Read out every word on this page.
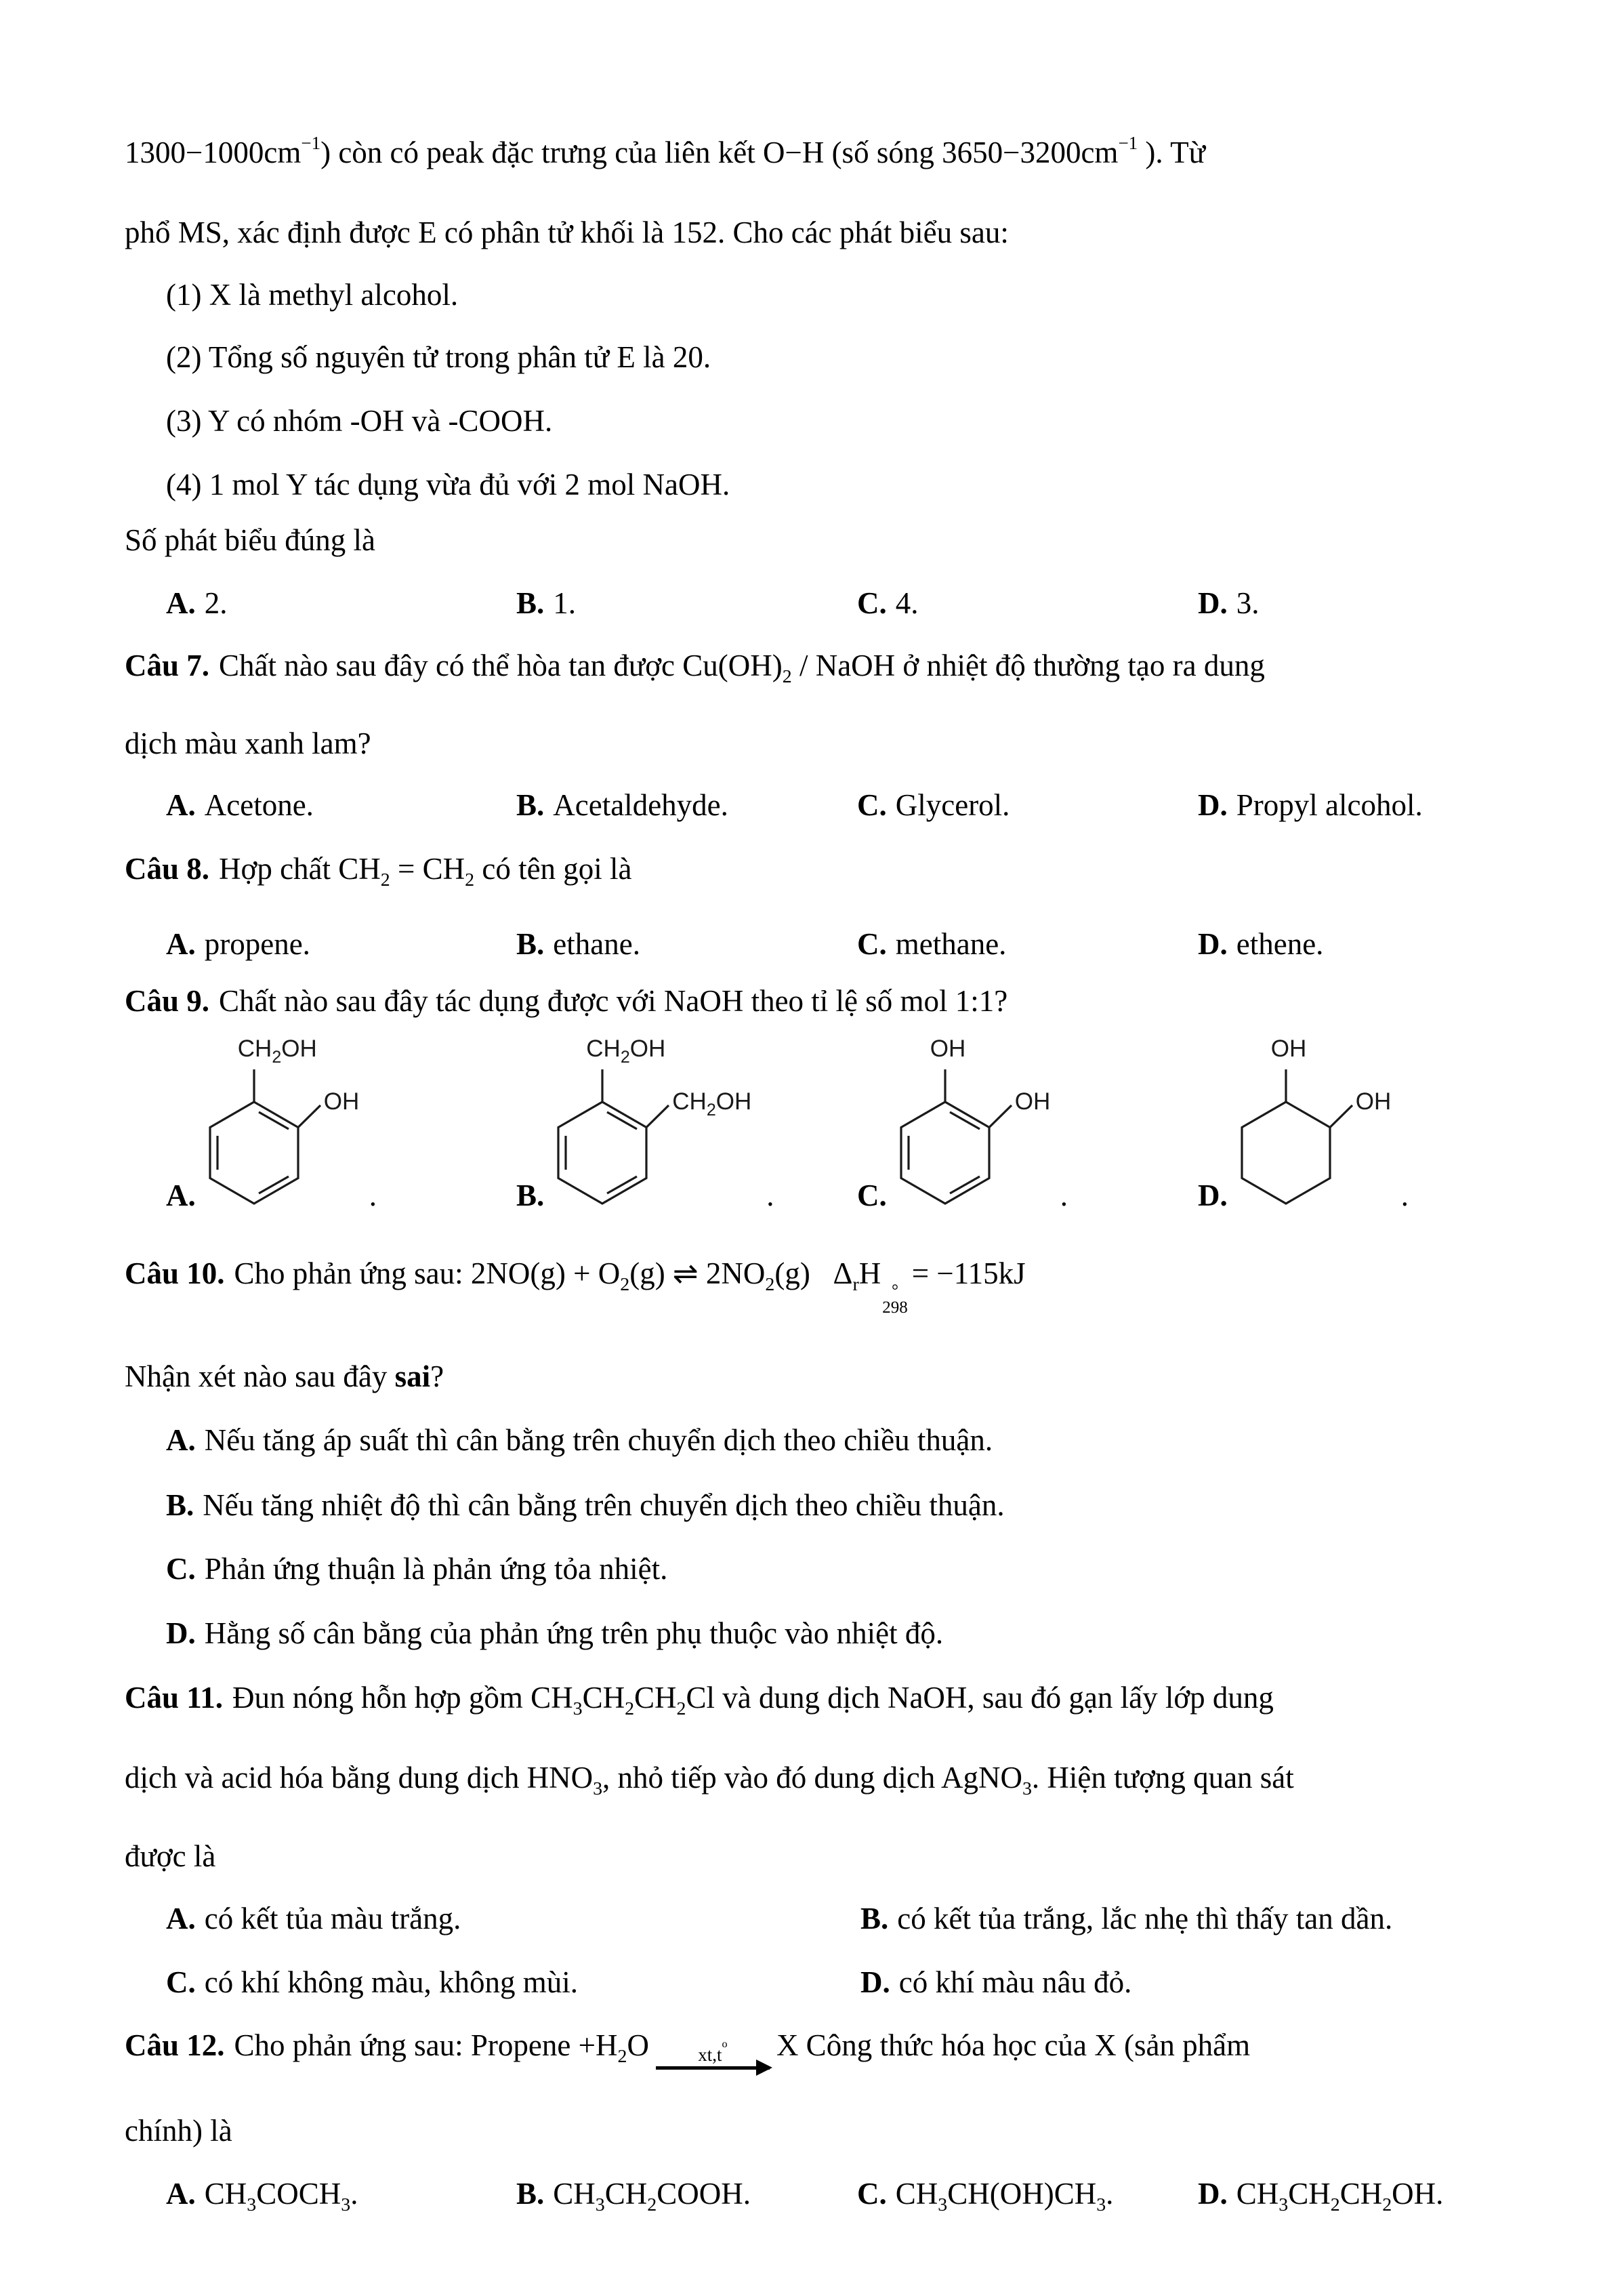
$1300-1000cm^{-1}$) còn có peak đặc trưng của liên kết O−H (số sóng $3650-3200cm^{-1}$ ). Từ
phổ MS, xác định được E có phân tử khối là 152. Cho các phát biểu sau:
(1) X là methyl alcohol.
(2) Tổng số nguyên tử trong phân tử E là 20.
(3) Y có nhóm -OH và -COOH.
(4) 1 mol Y tác dụng vừa đủ với 2 mol NaOH.
Số phát biểu đúng là
A. 2.	B. 1.	C. 4.	D. 3.
Câu 7. Chất nào sau đây có thể hòa tan được $Cu(OH)_2$ / NaOH ở nhiệt độ thường tạo ra dung
dịch màu xanh lam?
A. Acetone.	B. Acetaldehyde.	C. Glycerol.	D. Propyl alcohol.
Câu 8. Hợp chất $CH_2 = CH_2$ có tên gọi là
A. propene.	B. ethane.	C. methane.	D. ethene.
Câu 9. Chất nào sau đây tác dụng được với NaOH theo tỉ lệ số mol 1:1?
A.
$CH_2OH$
OH
.	B.
$CH_2OH$
$CH_2OH$
.	C.
OH
OH
.	D.
OH
OH
.
Câu 10. Cho phản ứng sau: $2NO(g) + O_2(g)$ ⇌ $2NO_2(g)$   $\Delta_rH$
°
298
= −115kJ
Nhận xét nào sau đây sai?
A. Nếu tăng áp suất thì cân bằng trên chuyển dịch theo chiều thuận.
B. Nếu tăng nhiệt độ thì cân bằng trên chuyển dịch theo chiều thuận.
C. Phản ứng thuận là phản ứng tỏa nhiệt.
D. Hằng số cân bằng của phản ứng trên phụ thuộc vào nhiệt độ.
Câu 11. Đun nóng hỗn hợp gồm $CH_3CH_2CH_2Cl$ và dung dịch NaOH, sau đó gạn lấy lớp dung
dịch và acid hóa bằng dung dịch $HNO_3$, nhỏ tiếp vào đó dung dịch AgNO$_3$. Hiện tượng quan sát
được là
A. có kết tủa màu trắng.	B. có kết tủa trắng, lắc nhẹ thì thấy tan dần.
C. có khí không màu, không mùi.	D. có khí màu nâu đỏ.
Câu 12. Cho phản ứng sau: Propene $+H_2O$	$xt,t^o$ X Công thức hóa học của X (sản phẩm
chính) là
A. $CH_3COCH_3$.	B. $CH_3CH_2COOH$.	C. $CH_3CH(OH)CH_3$.	D. $CH_3CH_2CH_2OH$.
